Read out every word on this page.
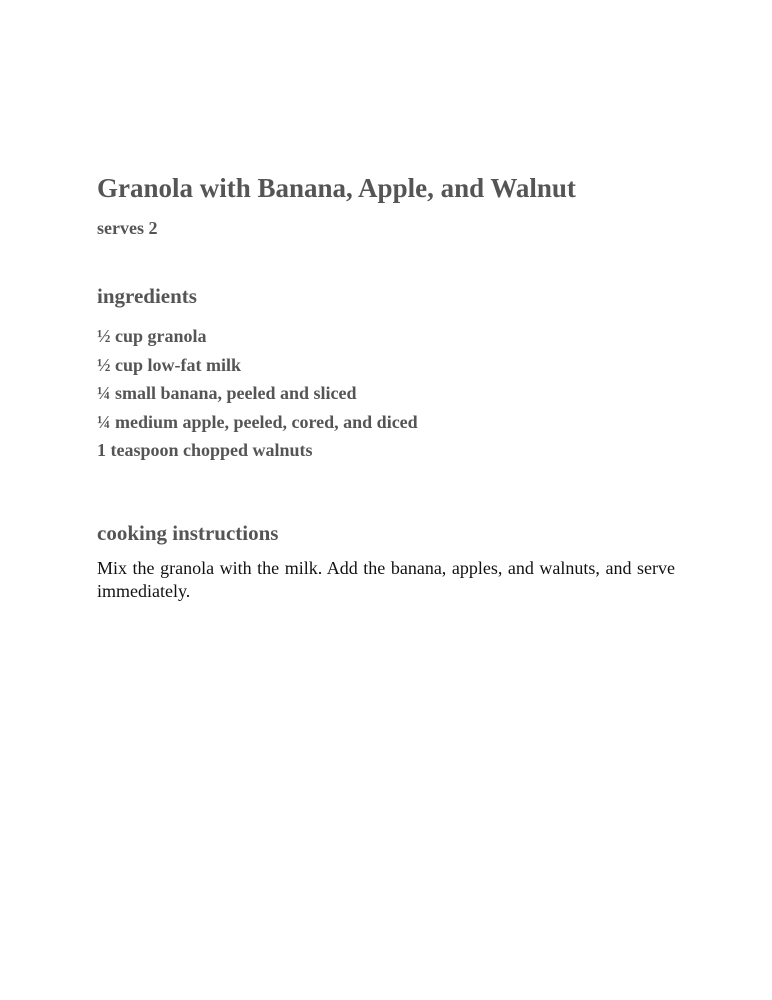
Granola with Banana, Apple, and Walnut

serves 2

ingredients
½ cup granola
½ cup low-fat milk
¼ small banana, peeled and sliced
¼ medium apple, peeled, cored, and diced
1 teaspoon chopped walnuts
cooking instructions

Mix the granola with the milk. Add the banana, apples, and walnuts, and serve immediately.
